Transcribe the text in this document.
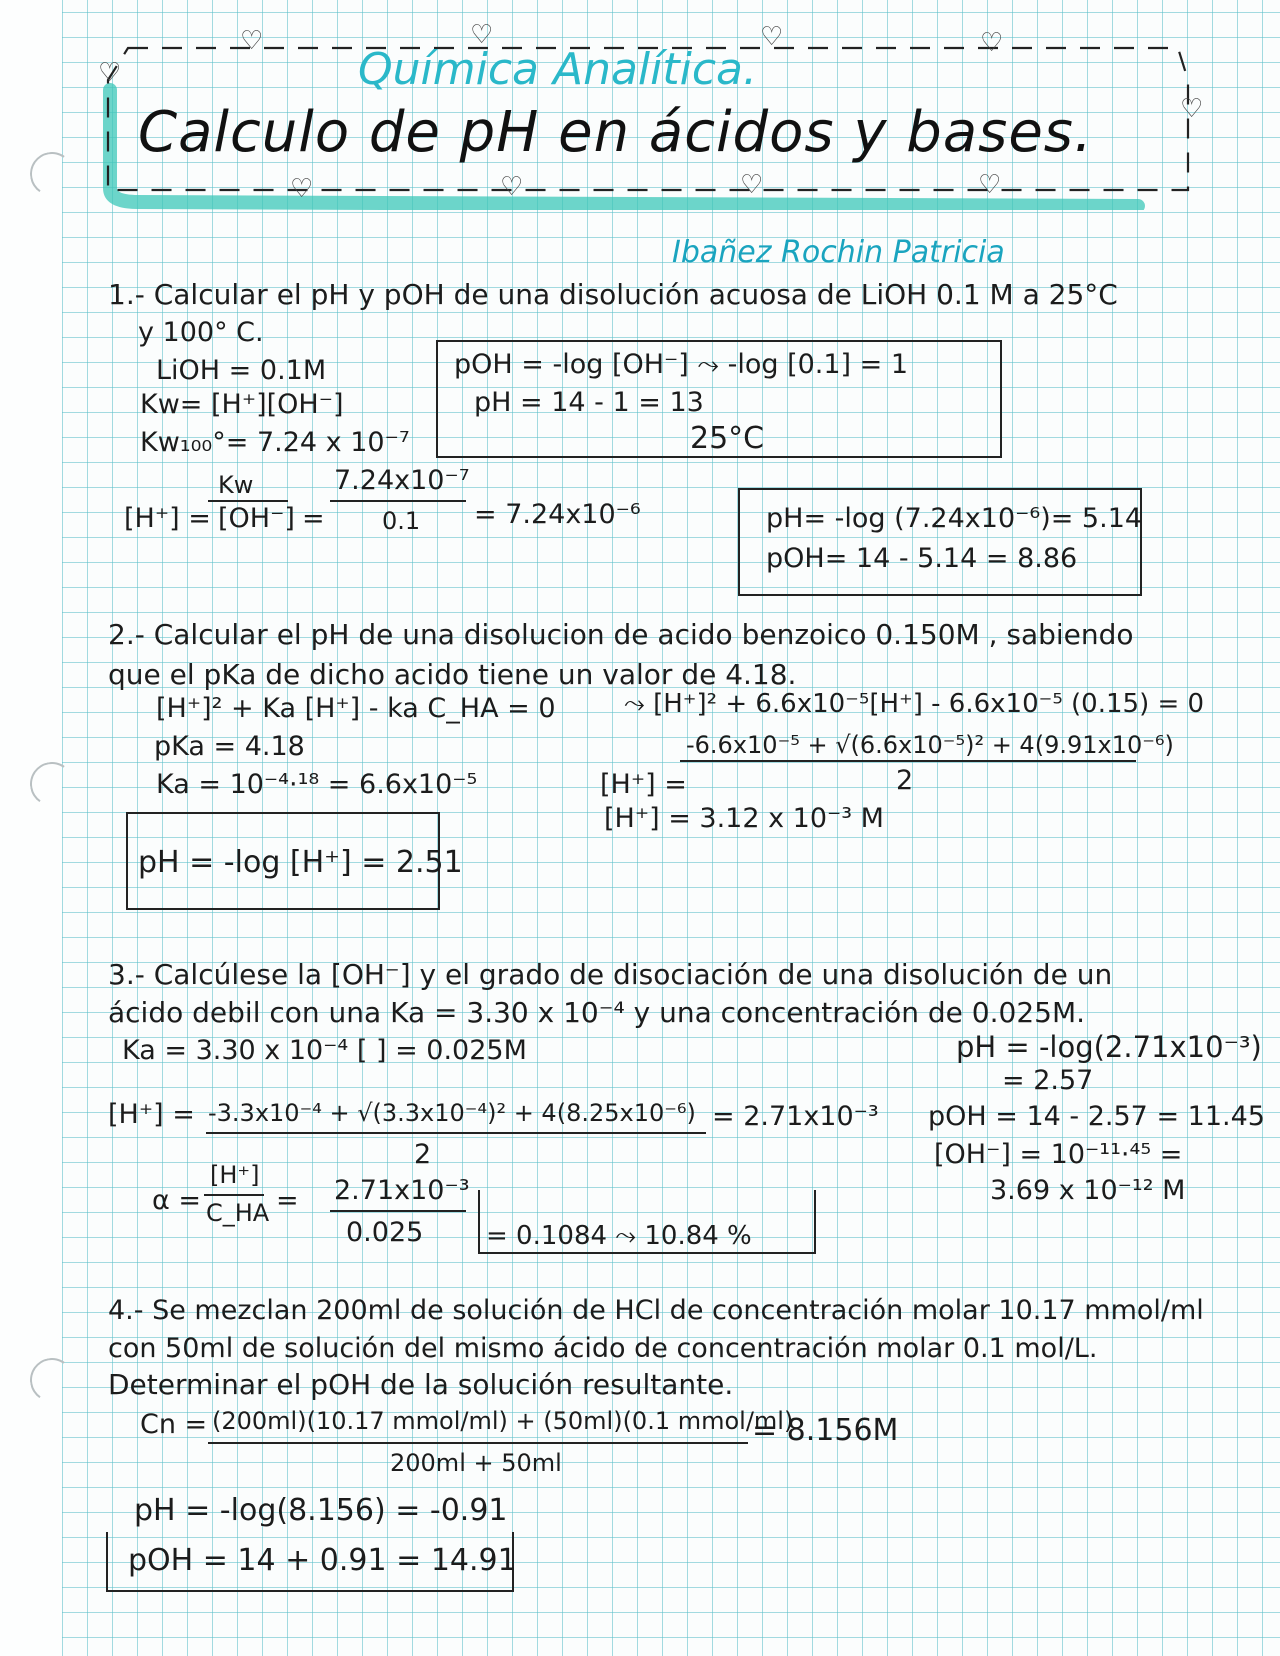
♡	♡	♡	♡
♡
♡
♡	♡	♡	♡
Química Analítica.
Calculo de pH en ácidos y bases.
Ibañez Rochin Patricia
1.- Calcular el pH y pOH de una disolución acuosa de LiOH 0.1 M a 25°C
y 100° C.
LiOH = 0.1M
Kw= [H⁺][OH⁻]
Kw₁₀₀°= 7.24 x 10⁻⁷
pOH = -log [OH⁻] ⤳ -log [0.1] = 1
pH = 14 - 1 = 13
25°C
[H⁺] =
Kw
[OH⁻] =
7.24x10⁻⁷
0.1 = 7.24x10⁻⁶	pH= -log (7.24x10⁻⁶)= 5.14
pOH= 14 - 5.14 = 8.86
2.- Calcular el pH de una disolucion de acido benzoico 0.150M , sabiendo
que el pKa de dicho acido tiene un valor de 4.18.
[H⁺]² + Ka [H⁺] - ka C_HA = 0	⤳ [H⁺]² + 6.6x10⁻⁵[H⁺] - 6.6x10⁻⁵ (0.15) = 0
pKa = 4.18
Ka = 10⁻⁴·¹⁸ = 6.6x10⁻⁵
-6.6x10⁻⁵ + √(6.6x10⁻⁵)² + 4(9.91x10⁻⁶)
[H⁺] =	2
[H⁺] = 3.12 x 10⁻³ M
pH = -log [H⁺] = 2.51
3.- Calcúlese la [OH⁻] y el grado de disociación de una disolución de un
ácido debil con una Ka = 3.30 x 10⁻⁴ y una concentración de 0.025M.
Ka = 3.30 x 10⁻⁴ [ ] = 0.025M	pH = -log(2.71x10⁻³)
= 2.57
[H⁺] = -3.3x10⁻⁴ + √(3.3x10⁻⁴)² + 4(8.25x10⁻⁶)
2
= 2.71x10⁻³ pOH = 14 - 2.57 = 11.45
[OH⁻] = 10⁻¹¹·⁴⁵ =
3.69 x 10⁻¹² M
α =
[H⁺]
C_HA = 2.71x10⁻³
0.025 = 0.1084 ⤳ 10.84 %
4.- Se mezclan 200ml de solución de HCl de concentración molar 10.17 mmol/ml
con 50ml de solución del mismo ácido de concentración molar 0.1 mol/L.
Determinar el pOH de la solución resultante.
Cn = (200ml)(10.17 mmol/ml) + (50ml)(0.1 mmol/ml)
200ml + 50ml
= 8.156M
pH = -log(8.156) = -0.91
pOH = 14 + 0.91 = 14.91
